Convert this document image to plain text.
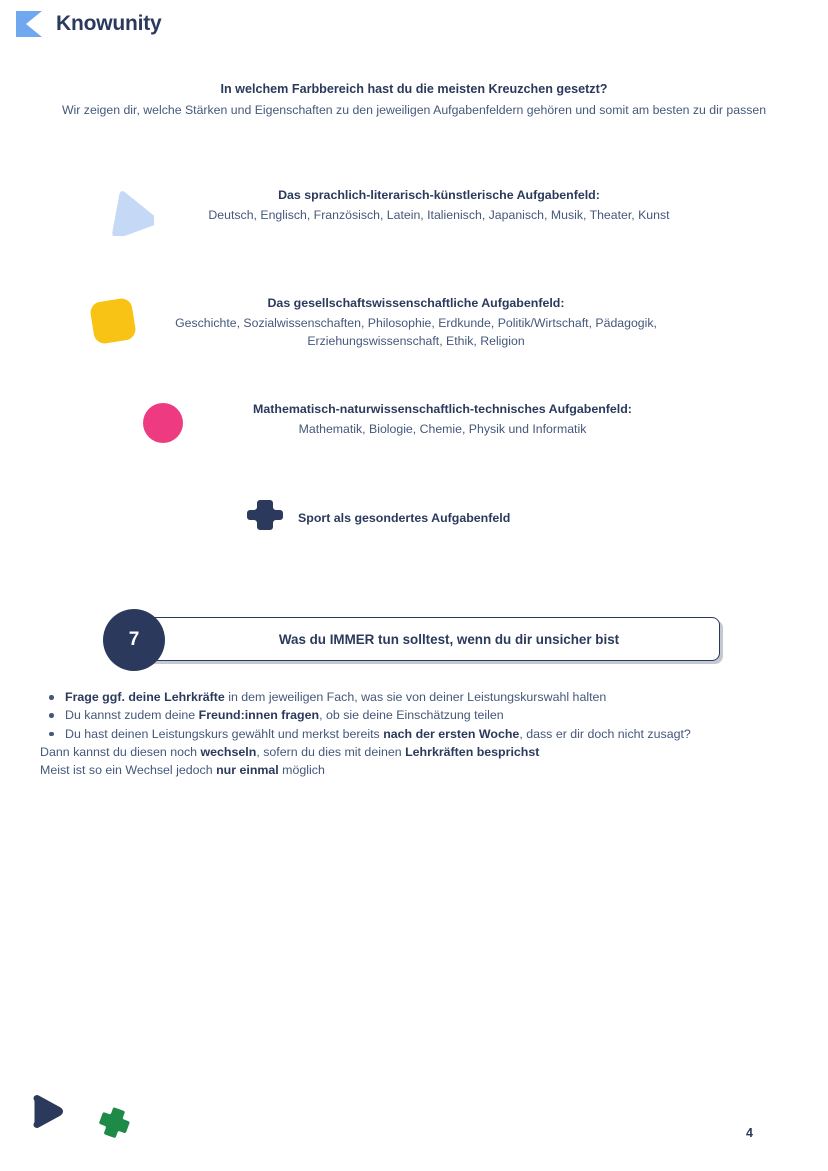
Knowunity
In welchem Farbbereich hast du die meisten Kreuzchen gesetzt?
Wir zeigen dir, welche Stärken und Eigenschaften zu den jeweiligen Aufgabenfeldern gehören und somit am besten zu dir passen
Das sprachlich-literarisch-künstlerische Aufgabenfeld:
Deutsch, Englisch, Französisch, Latein, Italienisch, Japanisch, Musik, Theater, Kunst
Das gesellschaftswissenschaftliche Aufgabenfeld:
Geschichte, Sozialwissenschaften, Philosophie, Erdkunde, Politik/Wirtschaft, Pädagogik, Erziehungswissenschaft, Ethik, Religion
Mathematisch-naturwissenschaftlich-technisches Aufgabenfeld:
Mathematik, Biologie, Chemie, Physik und Informatik
Sport als gesondertes Aufgabenfeld
Was du IMMER tun solltest, wenn du dir unsicher bist
7
Frage ggf. deine Lehrkräfte in dem jeweiligen Fach, was sie von deiner Leistungskurswahl halten
Du kannst zudem deine Freund:innen fragen, ob sie deine Einschätzung teilen
Du hast deinen Leistungskurs gewählt und merkst bereits nach der ersten Woche, dass er dir doch nicht zusagt?
Dann kannst du diesen noch wechseln, sofern du dies mit deinen Lehrkräften besprichst
Meist ist so ein Wechsel jedoch nur einmal möglich
4
